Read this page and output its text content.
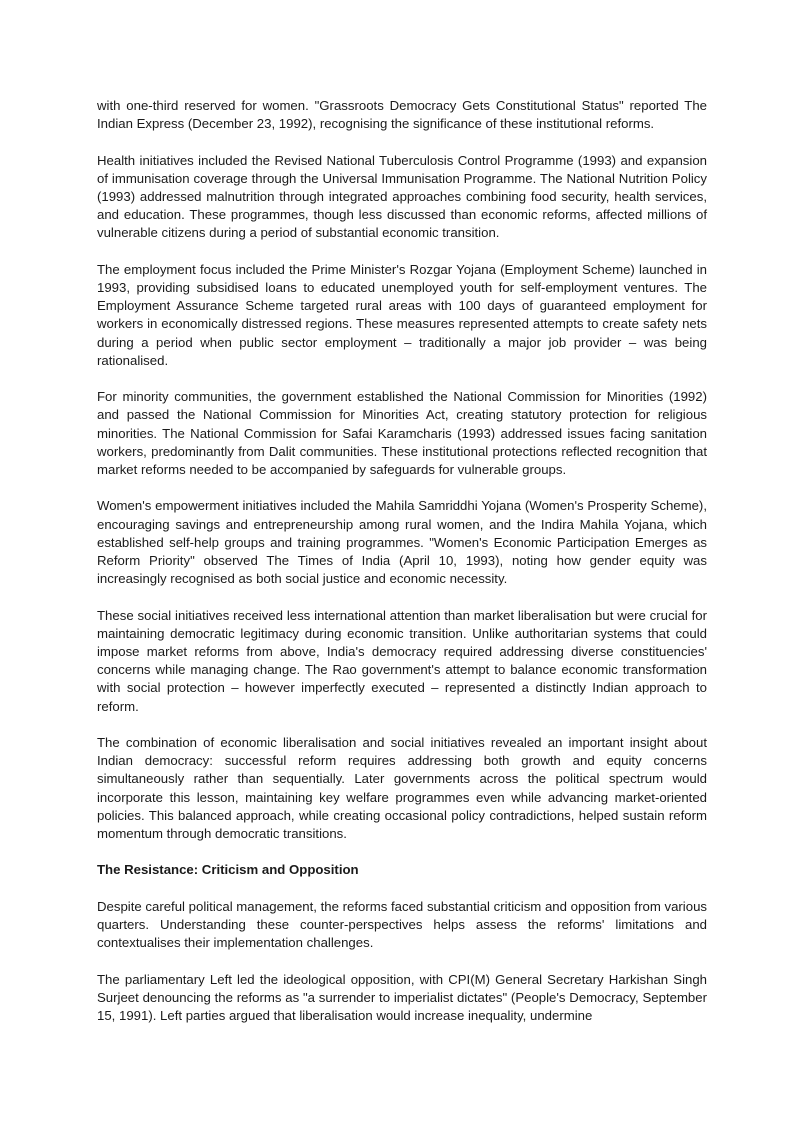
with one-third reserved for women. "Grassroots Democracy Gets Constitutional Status" reported The Indian Express (December 23, 1992), recognising the significance of these institutional reforms.

Health initiatives included the Revised National Tuberculosis Control Programme (1993) and expansion of immunisation coverage through the Universal Immunisation Programme. The National Nutrition Policy (1993) addressed malnutrition through integrated approaches combining food security, health services, and education. These programmes, though less discussed than economic reforms, affected millions of vulnerable citizens during a period of substantial economic transition.

The employment focus included the Prime Minister's Rozgar Yojana (Employment Scheme) launched in 1993, providing subsidised loans to educated unemployed youth for self-employment ventures. The Employment Assurance Scheme targeted rural areas with 100 days of guaranteed employment for workers in economically distressed regions. These measures represented attempts to create safety nets during a period when public sector employment – traditionally a major job provider – was being rationalised.

For minority communities, the government established the National Commission for Minorities (1992) and passed the National Commission for Minorities Act, creating statutory protection for religious minorities. The National Commission for Safai Karamcharis (1993) addressed issues facing sanitation workers, predominantly from Dalit communities. These institutional protections reflected recognition that market reforms needed to be accompanied by safeguards for vulnerable groups.

Women's empowerment initiatives included the Mahila Samriddhi Yojana (Women's Prosperity Scheme), encouraging savings and entrepreneurship among rural women, and the Indira Mahila Yojana, which established self-help groups and training programmes. "Women's Economic Participation Emerges as Reform Priority" observed The Times of India (April 10, 1993), noting how gender equity was increasingly recognised as both social justice and economic necessity.

These social initiatives received less international attention than market liberalisation but were crucial for maintaining democratic legitimacy during economic transition. Unlike authoritarian systems that could impose market reforms from above, India's democracy required addressing diverse constituencies' concerns while managing change. The Rao government's attempt to balance economic transformation with social protection – however imperfectly executed – represented a distinctly Indian approach to reform.

The combination of economic liberalisation and social initiatives revealed an important insight about Indian democracy: successful reform requires addressing both growth and equity concerns simultaneously rather than sequentially. Later governments across the political spectrum would incorporate this lesson, maintaining key welfare programmes even while advancing market-oriented policies. This balanced approach, while creating occasional policy contradictions, helped sustain reform momentum through democratic transitions.

The Resistance: Criticism and Opposition

Despite careful political management, the reforms faced substantial criticism and opposition from various quarters. Understanding these counter-perspectives helps assess the reforms' limitations and contextualises their implementation challenges.

The parliamentary Left led the ideological opposition, with CPI(M) General Secretary Harkishan Singh Surjeet denouncing the reforms as "a surrender to imperialist dictates" (People's Democracy, September 15, 1991). Left parties argued that liberalisation would increase inequality, undermine
